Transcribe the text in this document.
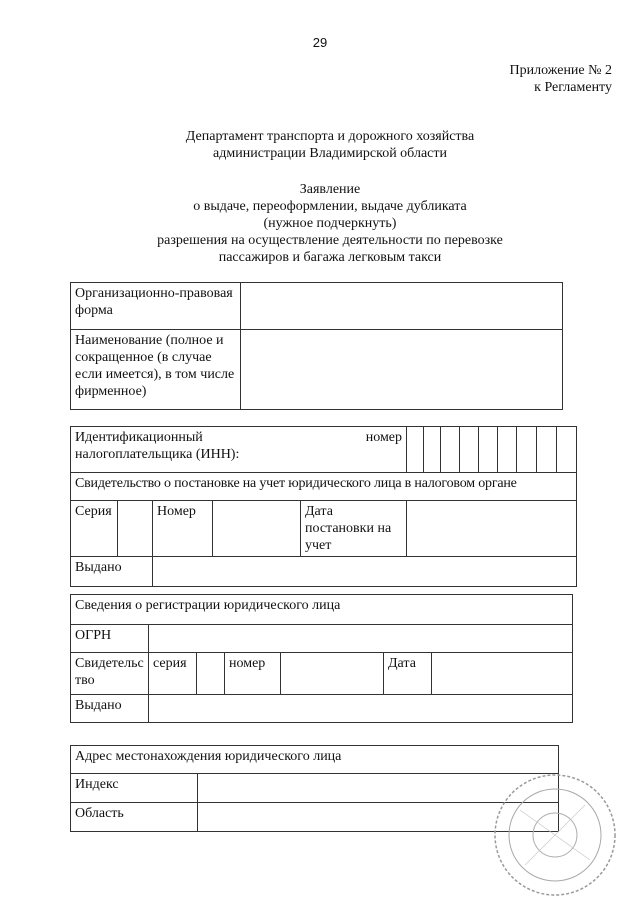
29
Приложение № 2
к Регламенту
Департамент транспорта и дорожного хозяйства
администрации Владимирской области
Заявление
о выдаче, переоформлении, выдаче дубликата
(нужное подчеркнуть)
разрешения на осуществление деятельности по перевозке
пассажиров и багажа легковым такси
Организационно-правовая форма	
Наименование (полное и сокращенное (в случае если имеется), в том числе фирменное)	
Идентификационный номер
налогоплательщика (ИНН):													

Свидетельство о постановке на учет юридического лица в налоговом органе													
Серия		Номер		Дата постановки на учет									
Выдано													
Сведения о регистрации юридического лица						
ОГРН						
Свидетельство	серия		номер		Дата	
Выдано						
Адрес местонахождения юридического лица	
Индекс	
Область	
